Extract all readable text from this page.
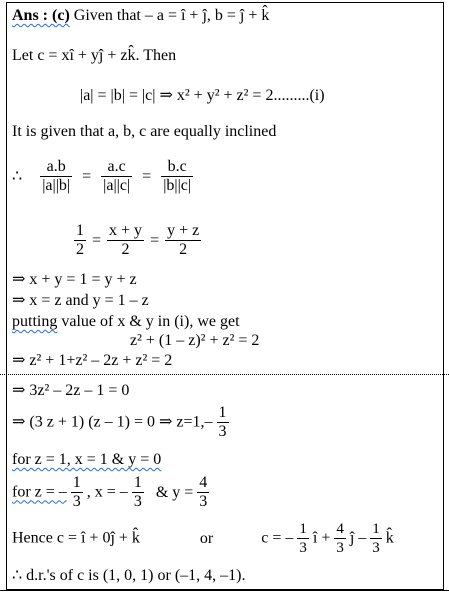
Ans : (c) Given that – a = î + ĵ, b = ĵ + k̂
Let c = xî + yĵ + zk̂. Then
|a| = |b| = |c| ⇒ x² + y² + z² = 2.........(i)
It is given that a, b, c are equally inclined
∴ $\frac{a.b}{|a||b|} = \frac{a.c}{|a||c|} = \frac{b.c}{|b||c|}$
$\frac{1}{2} = \frac{x + y}{2} = \frac{y + z}{2}$
⇒ x + y = 1 = y + z
⇒ x = z and y = 1 – z
putting value of x & y in (i), we get
z² + (1 – z)² + z² = 2
⇒ z² + 1+z² – 2z + z² = 2
⇒ 3z² – 2z – 1 = 0
⇒ (3 z + 1) (z – 1) = 0 ⇒ $z=1,- \frac{1}{3}$
for z = 1, x = 1 & y = 0
for z = – $\frac{1}{3}$ , x = – $\frac{1}{3}$ & $y = \frac{4}{3}$
Hence c = î + 0ĵ + k̂	or	c = – $\frac{1}{3}$ î + $\frac{4}{3}$ ĵ – $\frac{1}{3}$ k̂
∴ d.r.'s of c is (1, 0, 1) or (–1, 4, –1).
